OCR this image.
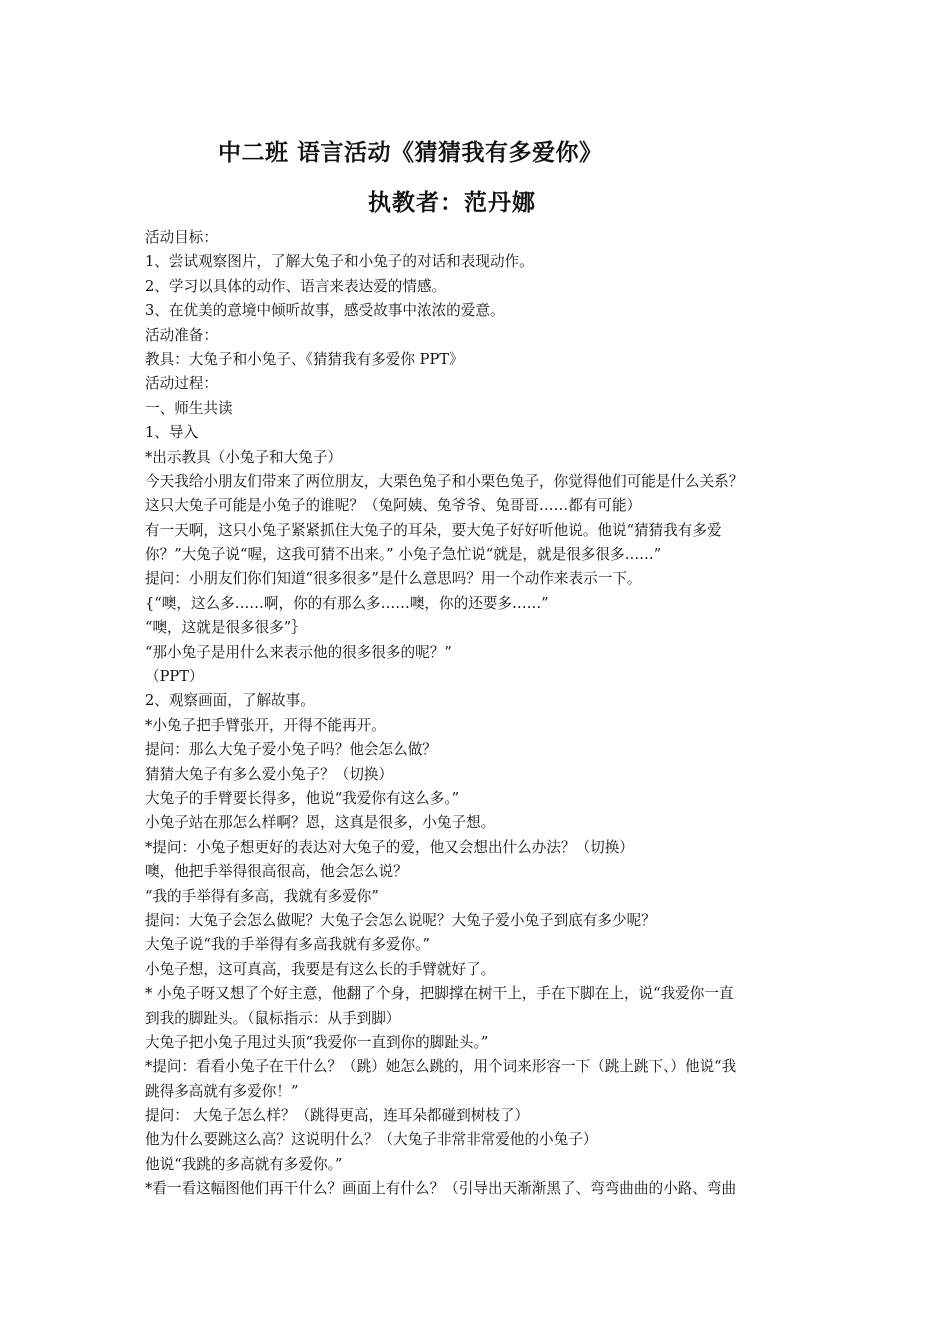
中二班 语言活动《猜猜我有多爱你》
执教者：范丹娜
活动目标：
1、尝试观察图片，了解大兔子和小兔子的对话和表现动作。
2、学习以具体的动作、语言来表达爱的情感。
3、在优美的意境中倾听故事，感受故事中浓浓的爱意。
活动准备：
教具：大兔子和小兔子、《猜猜我有多爱你 PPT》
活动过程：
一、师生共读
1、导入
*出示教具（小兔子和大兔子）
今天我给小朋友们带来了两位朋友，大栗色兔子和小栗色兔子，你觉得他们可能是什么关系？
这只大兔子可能是小兔子的谁呢？（兔阿姨、兔爷爷、兔哥哥……都有可能）
有一天啊，这只小兔子紧紧抓住大兔子的耳朵，要大兔子好好听他说。他说“猜猜我有多爱
你？”大兔子说“喔，这我可猜不出来。” 小兔子急忙说“就是，就是很多很多……”
提问：小朋友们你们知道“很多很多”是什么意思吗？用一个动作来表示一下。
{“噢，这么多……啊，你的有那么多……噢，你的还要多……”
“噢，这就是很多很多”｝
“那小兔子是用什么来表示他的很多很多的呢？”
（PPT）
2、观察画面，了解故事。
*小兔子把手臂张开，开得不能再开。
提问：那么大兔子爱小兔子吗？他会怎么做？
猜猜大兔子有多么爱小兔子？（切换）
大兔子的手臂要长得多，他说“我爱你有这么多。”
小兔子站在那怎么样啊？恩，这真是很多，小兔子想。
*提问：小兔子想更好的表达对大兔子的爱，他又会想出什么办法？（切换）
噢，他把手举得很高很高，他会怎么说？
“我的手举得有多高，我就有多爱你”
提问：大兔子会怎么做呢？大兔子会怎么说呢？大兔子爱小兔子到底有多少呢？
大兔子说“我的手举得有多高我就有多爱你。”
小兔子想，这可真高，我要是有这么长的手臂就好了。
* 小兔子呀又想了个好主意，他翻了个身，把脚撑在树干上，手在下脚在上，说“我爱你一直
到我的脚趾头。（鼠标指示：从手到脚）
大兔子把小兔子甩过头顶“我爱你一直到你的脚趾头。”
*提问：看看小兔子在干什么？（跳）她怎么跳的，用个词来形容一下（跳上跳下、）他说“我
跳得多高就有多爱你！”
提问： 大兔子怎么样？（跳得更高，连耳朵都碰到树枝了）
他为什么要跳这么高？这说明什么？（大兔子非常非常爱他的小兔子）
他说“我跳的多高就有多爱你。”
*看一看这幅图他们再干什么？画面上有什么？（引导出天渐渐黑了、弯弯曲曲的小路、弯曲
